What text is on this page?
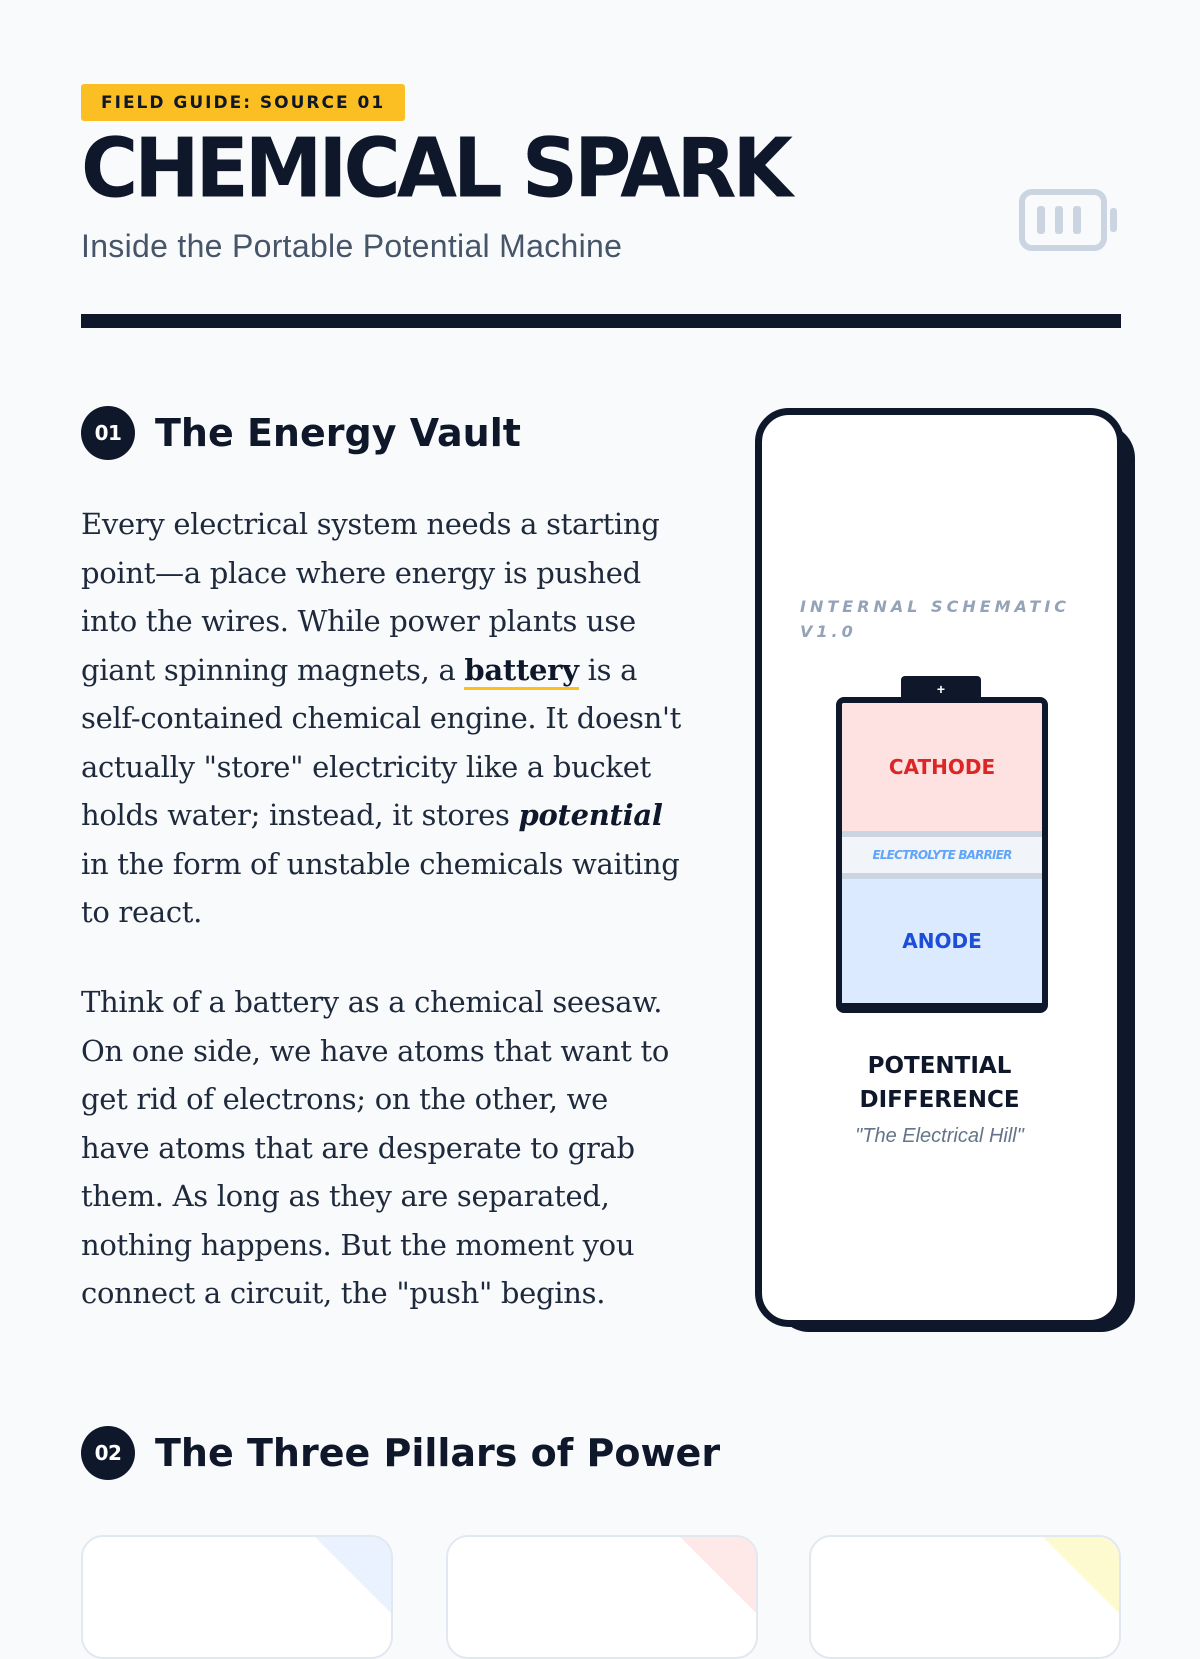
FIELD GUIDE: SOURCE 01
CHEMICAL SPARK

Inside the Portable Potential Machine

01 The Energy Vault

Every electrical system needs a starting point—a place where energy is pushed into the wires. While power plants use giant spinning magnets, a battery is a self-contained chemical engine. It doesn't actually "store" electricity like a bucket holds water; instead, it stores potential in the form of unstable chemicals waiting to react.

Think of a battery as a chemical seesaw. On one side, we have atoms that want to get rid of electrons; on the other, we have atoms that are desperate to grab them. As long as they are separated, nothing happens. But the moment you connect a circuit, the "push" begins.

INTERNAL SCHEMATIC V1.0
+
CATHODE
ELECTROLYTE BARRIER
ANODE
POTENTIAL DIFFERENCE
"The Electrical Hill"
02 The Three Pillars of Power
